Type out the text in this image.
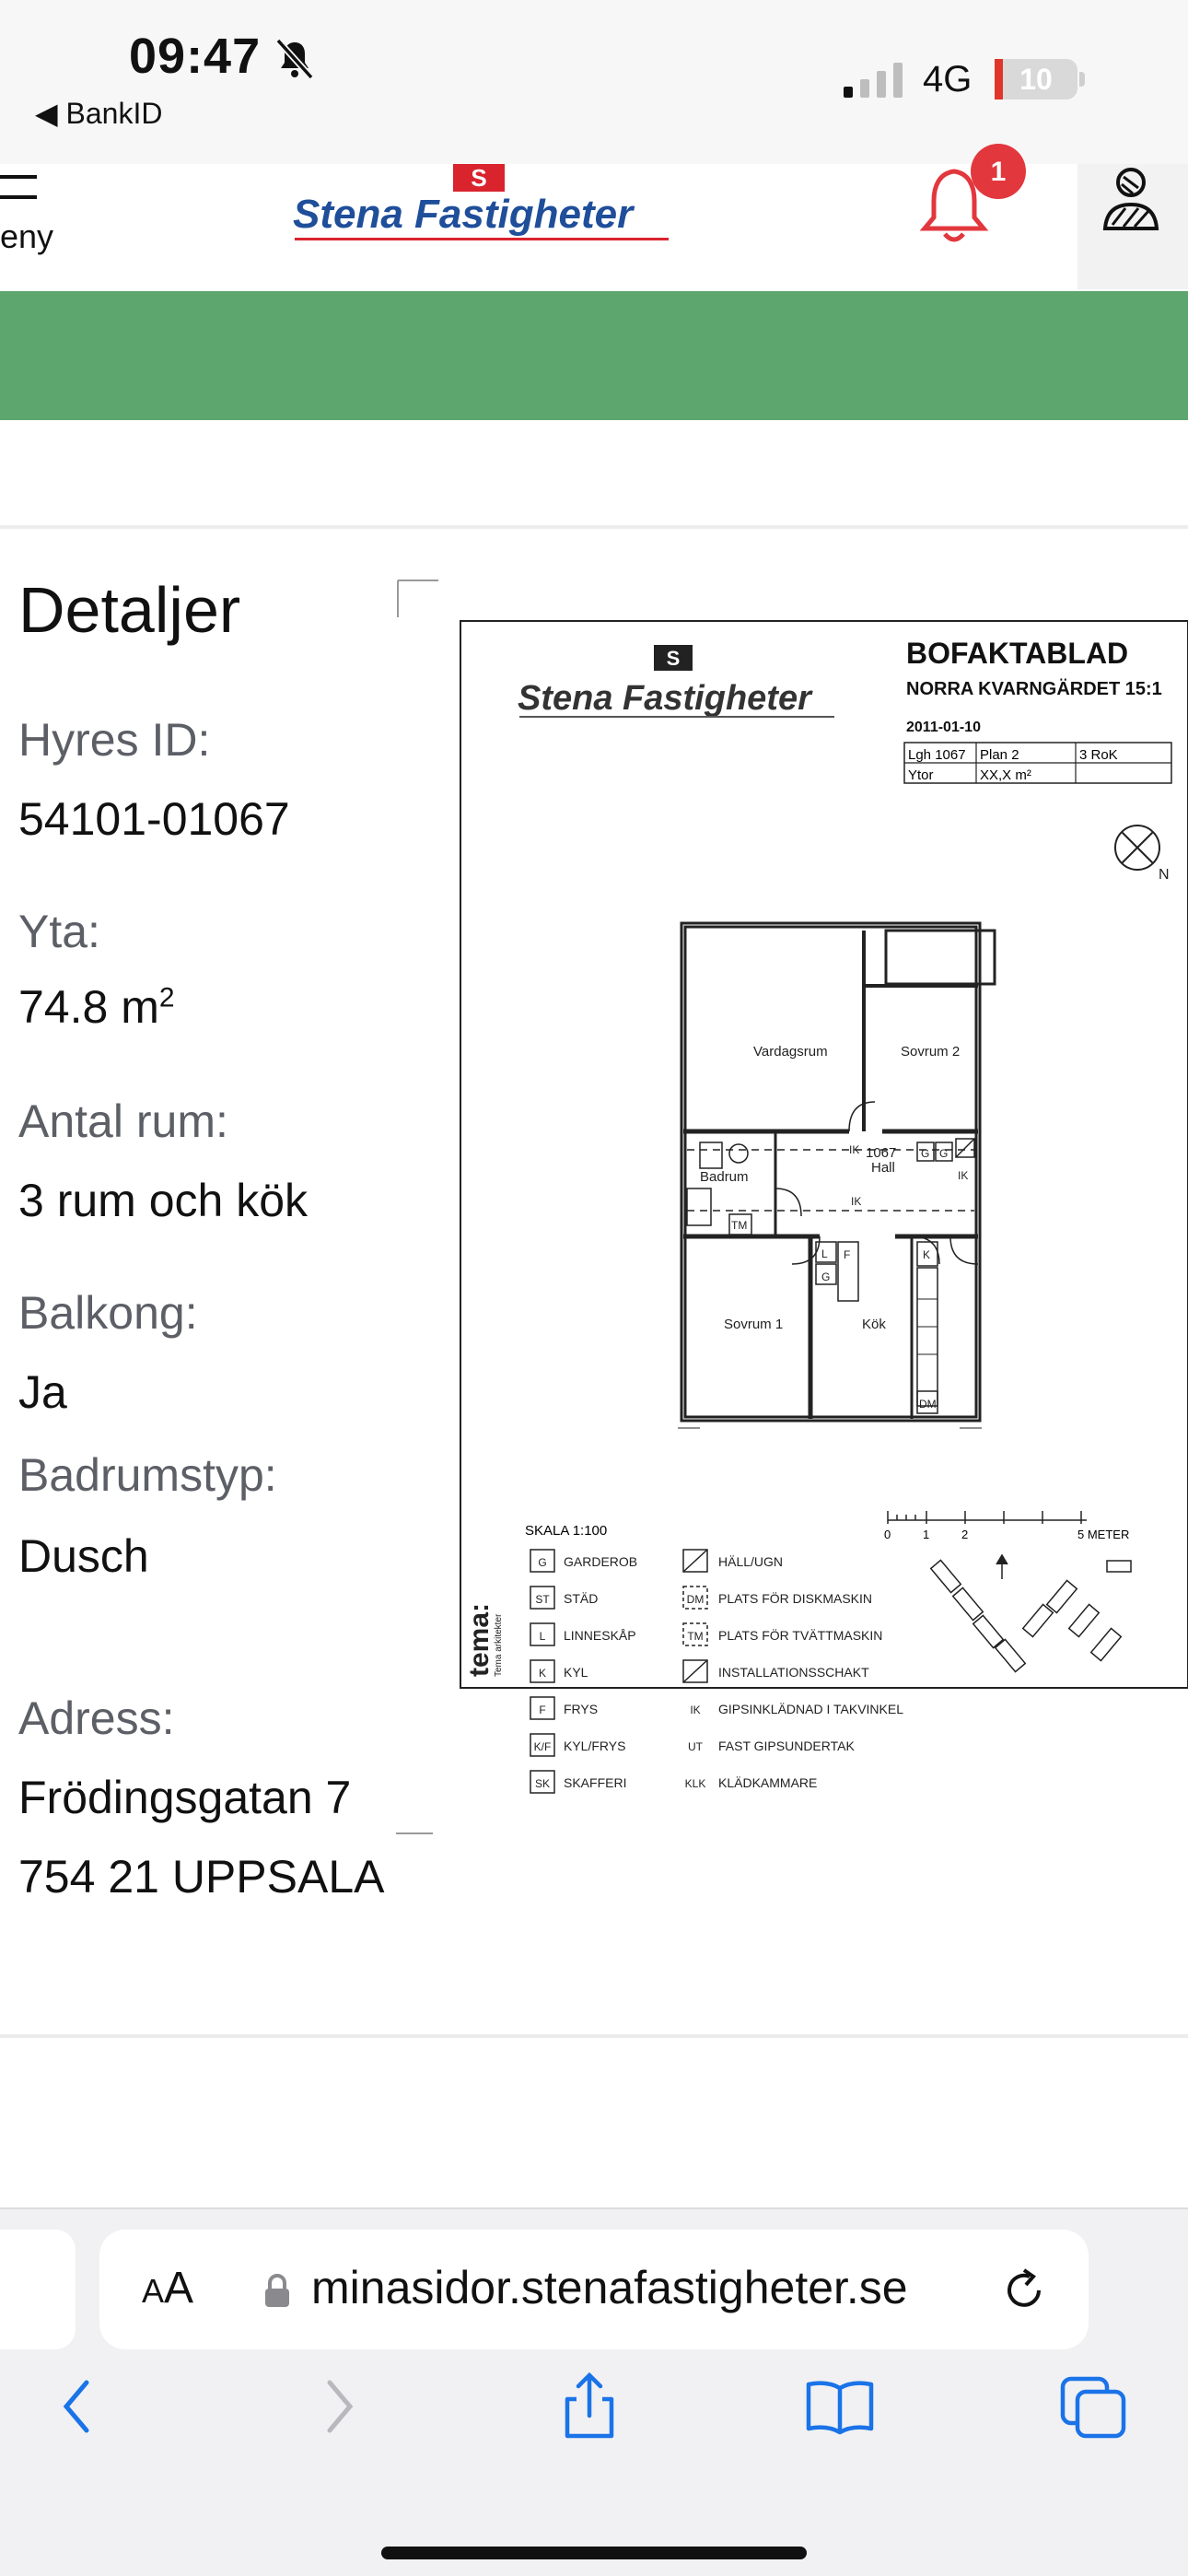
09:47
◀ BankID
4G	10
eny
S
Stena Fastigheter
1
Detaljer
Hyres ID:
54101-01067
Yta:
74.8 $m^2$
Antal rum:
3 rum och kök
Balkong:
Ja
Badrumstyp:
Dusch
Adress:
Frödingsgatan 7
754 21 UPPSALA
S
Stena Fastigheter
BOFAKTABLAD
NORRA KVARNGÄRDET 15:1
2011-01-10
Lgh 1067 Plan 2	3 RoK
Ytor	XX,X m²
N
Vardagsrum	Sovrum 2
Sovrum 1	Kök
Badrum
1067
Hall
IK
IK
IK
TM
G G
G
L F	K
DM
SKALA 1:100	0	1	2	5 METER
G GARDEROB
ST STÄD
L LINNESKÅP
K KYL
F FRYS
K/F KYL/FRYS
SK SKAFFERI
HÄLL/UGN
DM PLATS FÖR DISKMASKIN
TM PLATS FÖR TVÄTTMASKIN
INSTALLATIONSSCHAKT
IK GIPSINKLÄDNAD I TAKVINKEL
UT FAST GIPSUNDERTAK
KLK KLÄDKAMMARE
tema: Tema arkitekter
AA	minasidor.stenafastigheter.se
